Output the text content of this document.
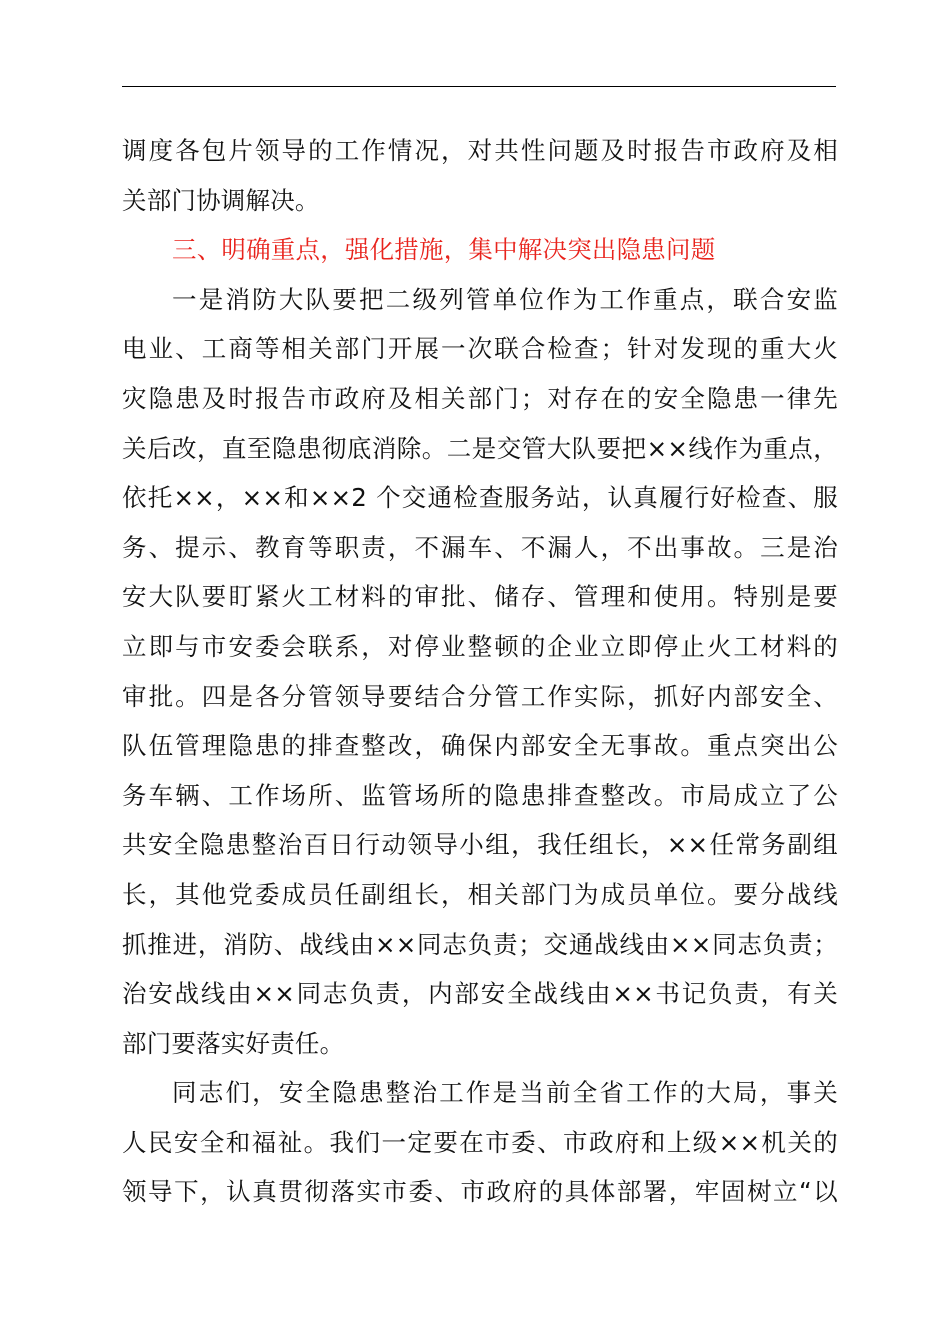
调度各包片领导的工作情况，对共性问题及时报告市政府及相
关部门协调解决。
三、明确重点，强化措施，集中解决突出隐患问题
一是消防大队要把二级列管单位作为工作重点，联合安监
电业、工商等相关部门开展一次联合检查；针对发现的重大火
灾隐患及时报告市政府及相关部门；对存在的安全隐患一律先
关后改，直至隐患彻底消除。二是交管大队要把××线作为重点，
依托××，××和××2 个交通检查服务站，认真履行好检查、服
务、提示、教育等职责，不漏车、不漏人，不出事故。三是治
安大队要盯紧火工材料的审批、储存、管理和使用。特别是要
立即与市安委会联系，对停业整顿的企业立即停止火工材料的
审批。四是各分管领导要结合分管工作实际，抓好内部安全、
队伍管理隐患的排查整改，确保内部安全无事故。重点突出公
务车辆、工作场所、监管场所的隐患排查整改。市局成立了公
共安全隐患整治百日行动领导小组，我任组长，××任常务副组
长，其他党委成员任副组长，相关部门为成员单位。要分战线
抓推进，消防、战线由××同志负责；交通战线由××同志负责；
治安战线由××同志负责，内部安全战线由××书记负责，有关
部门要落实好责任。
同志们，安全隐患整治工作是当前全省工作的大局，事关
人民安全和福祉。我们一定要在市委、市政府和上级××机关的
领导下，认真贯彻落实市委、市政府的具体部署，牢固树立“以
